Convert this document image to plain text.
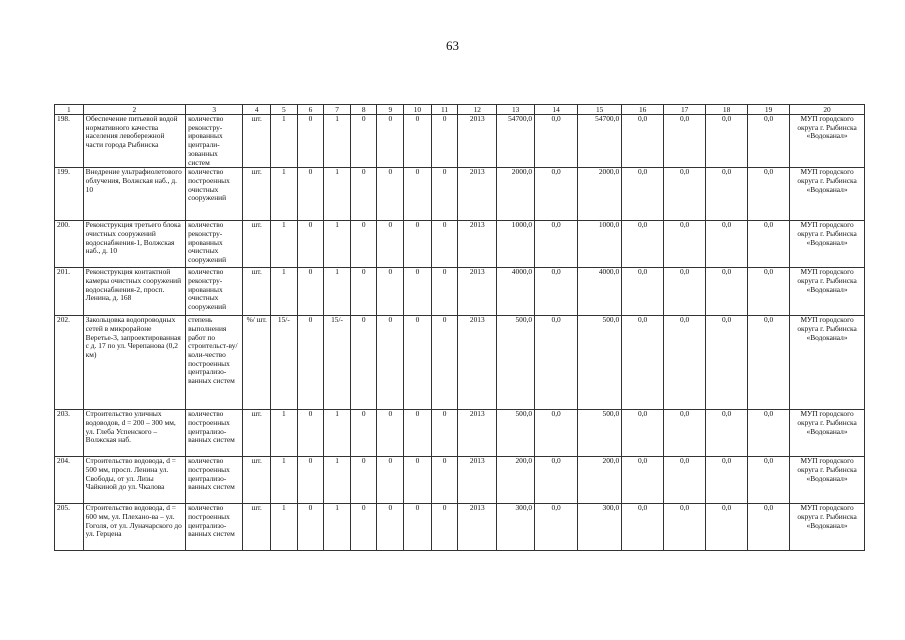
63
1	2	3	4	5	6	7	8	9	10	11	12	13	14	15	16	17	18	19	20
198.	Обеспечение питьевой водой нормативного качества населения левобережной части города Рыбинска	количество реконстру-ированных централи-зованных систем	шт.	1	0	1	0	0	0	0	2013	54700,0	0,0	54700,0	0,0	0,0	0,0	0,0	МУП городского округа г. Рыбинска «Водоканал»
199.	Внедрение ультрафиолетового облучения, Волжская наб., д. 10	количество построенных очистных сооружений	шт.	1	0	1	0	0	0	0	2013	2000,0	0,0	2000,0	0,0	0,0	0,0	0,0	МУП городского округа г. Рыбинска «Водоканал»
200.	Реконструкция третьего блока очистных сооружений водоснабжения-1, Волжская наб., д. 10	количество реконстру-ированных очистных сооружений	шт.	1	0	1	0	0	0	0	2013	1000,0	0,0	1000,0	0,0	0,0	0,0	0,0	МУП городского округа г. Рыбинска «Водоканал»
201.	Реконструкция контактной камеры очистных сооружений водоснабжения-2, просп. Ленина, д. 168	количество реконстру-ированных очистных сооружений	шт.	1	0	1	0	0	0	0	2013	4000,0	0,0	4000,0	0,0	0,0	0,0	0,0	МУП городского округа г. Рыбинска «Водоканал»
202.	Закольцовка водопроводных сетей в микрорайоне Веретье-3, запроектированная с д. 17 по ул. Черепанова (0,2 км)	степень выполнения работ по строительст-ву/ коли-чество построенных централизо-ванных систем	%/ шт.	15/-	0	15/-	0	0	0	0	2013	500,0	0,0	500,0	0,0	0,0	0,0	0,0	МУП городского округа г. Рыбинска «Водоканал»
203.	Строительство уличных водоводов, d = 200 – 300 мм, ул. Глеба Успенского – Волжская наб.	количество построенных централизо-ванных систем	шт.	1	0	1	0	0	0	0	2013	500,0	0,0	500,0	0,0	0,0	0,0	0,0	МУП городского округа г. Рыбинска «Водоканал»
204.	Строительство водовода, d = 500 мм, просп. Ленина ул. Свободы, от ул. Лизы Чайкиной до ул. Чкалова	количество построенных централизо-ванных систем	шт.	1	0	1	0	0	0	0	2013	200,0	0,0	200,0	0,0	0,0	0,0	0,0	МУП городского округа г. Рыбинска «Водоканал»
205.	Строительство водовода, d = 600 мм, ул. Плехано-ва – ул. Гоголя, от ул. Луначарского до ул. Герцена	количество построенных централизо-ванных систем	шт.	1	0	1	0	0	0	0	2013	300,0	0,0	300,0	0,0	0,0	0,0	0,0	МУП городского округа г. Рыбинска «Водоканал»
